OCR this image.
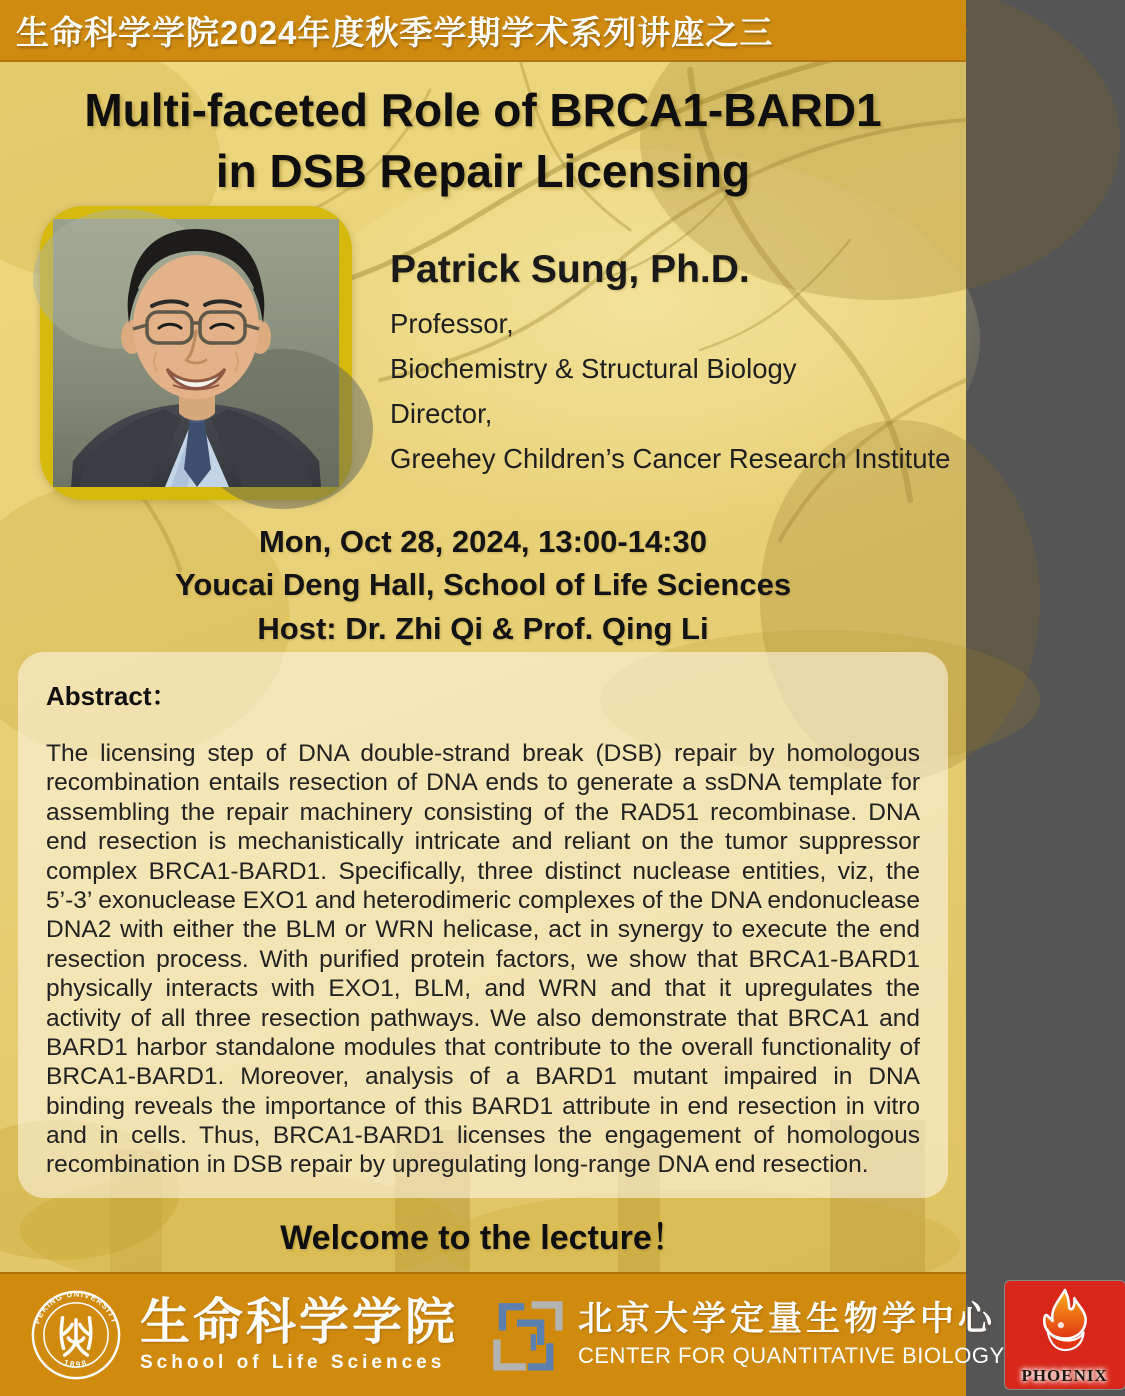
生命科学学院2024年度秋季学期学术系列讲座之三
Multi-faceted Role of BRCA1-BARD1
in DSB Repair Licensing
Patrick Sung, Ph.D.
Professor,
Biochemistry & Structural Biology
Director,
Greehey Children’s Cancer Research Institute
Mon, Oct 28, 2024, 13:00-14:30
Youcai Deng Hall, School of Life Sciences
Host: Dr. Zhi Qi & Prof. Qing Li
Abstract：
The licensing step of DNA double-strand break (DSB) repair by homologous recombination entails resection of DNA ends to generate a ssDNA template for assembling the repair machinery consisting of the RAD51 recombinase. DNA end resection is mechanistically intricate and reliant on the tumor suppressor complex BRCA1-BARD1. Specifically, three distinct nuclease entities, viz, the 5’-3’ exonuclease EXO1 and heterodimeric complexes of the DNA endonuclease DNA2 with either the BLM or WRN helicase, act in synergy to execute the end resection process. With purified protein factors, we show that BRCA1-BARD1 physically interacts with EXO1, BLM, and WRN and that it upregulates the activity of all three resection pathways. We also demonstrate that BRCA1 and BARD1 harbor standalone modules that contribute to the overall functionality of BRCA1-BARD1. Moreover, analysis of a BARD1 mutant impaired in DNA binding reveals the importance of this BARD1 attribute in end resection in vitro and in cells. Thus, BRCA1-BARD1 licenses the engagement of homologous recombination in DSB repair by upregulating long-range DNA end resection.
Welcome to the lecture！
PEKING UNIVERSITY
1898
生命科学学院
School of Life Sciences
北京大学定量生物学中心
CENTER FOR QUANTITATIVE BIOLOGY
PHOENIX
